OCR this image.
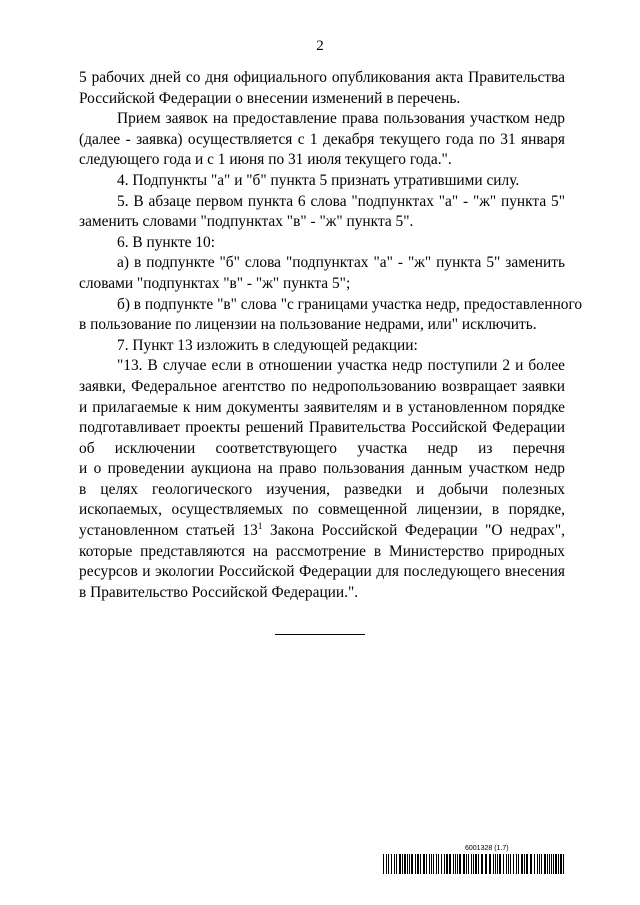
2
5 рабочих дней со дня официального опубликования акта Правительства
Российской Федерации о внесении изменений в перечень.
Прием заявок на предоставление права пользования участком недр
(далее - заявка) осуществляется с 1 декабря текущего года по 31 января
следующего года и с 1 июня по 31 июля текущего года.".
4. Подпункты "а" и "б" пункта 5 признать утратившими силу.
5. В абзаце первом пункта 6 слова "подпунктах "а" - "ж" пункта 5"
заменить словами "подпунктах "в" - "ж" пункта 5".
6. В пункте 10:
а) в подпункте "б" слова "подпунктах "а" - "ж" пункта 5" заменить
словами "подпунктах "в" - "ж" пункта 5";
б) в подпункте "в" слова "с границами участка недр, предоставленного
в пользование по лицензии на пользование недрами, или" исключить.
7. Пункт 13 изложить в следующей редакции:
"13. В случае если в отношении участка недр поступили 2 и более
заявки, Федеральное агентство по недропользованию возвращает заявки
и прилагаемые к ним документы заявителям и в установленном порядке
подготавливает проекты решений Правительства Российской Федерации
об исключении соответствующего участка недр из перечня
и о проведении аукциона на право пользования данным участком недр
в целях геологического изучения, разведки и добычи полезных
ископаемых, осуществляемых по совмещенной лицензии, в порядке,
установленном статьей $13^1$ Закона Российской Федерации "О недрах",
которые представляются на рассмотрение в Министерство природных
ресурсов и экологии Российской Федерации для последующего внесения
в Правительство Российской Федерации.".
6001328 (1.7)
